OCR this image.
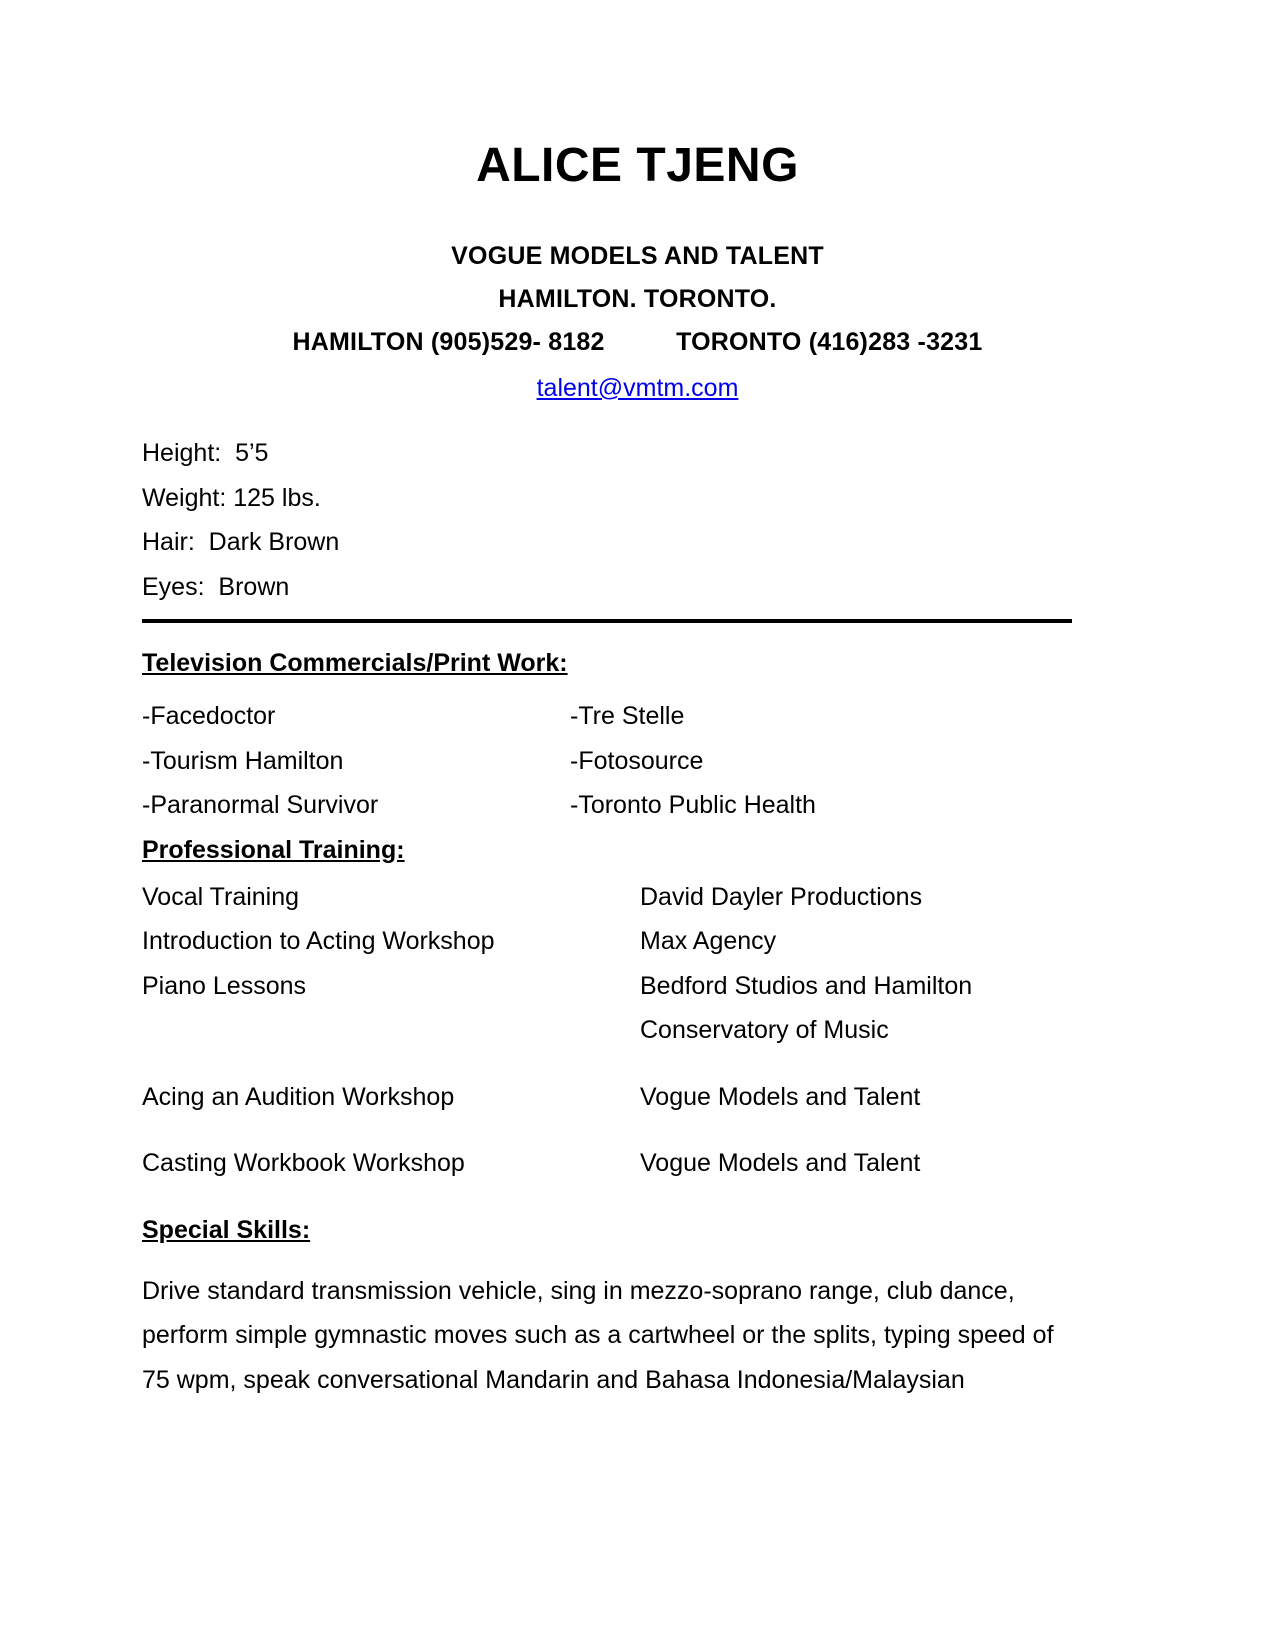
ALICE TJENG
VOGUE MODELS AND TALENT
HAMILTON. TORONTO.
HAMILTON (905)529- 8182          TORONTO (416)283 -3231
talent@vmtm.com
Height:  5’5
Weight: 125 lbs.
Hair:  Dark Brown
Eyes:  Brown
Television Commercials/Print Work:
-Facedoctor	-Tre Stelle
-Tourism Hamilton	-Fotosource
-Paranormal Survivor	-Toronto Public Health
Professional Training:
Vocal Training	David Dayler Productions
Introduction to Acting Workshop	Max Agency
Piano Lessons	Bedford Studios and Hamilton
Conservatory of Music
Acing an Audition Workshop	Vogue Models and Talent
Casting Workbook Workshop	Vogue Models and Talent
Special Skills:
Drive standard transmission vehicle, sing in mezzo-soprano range, club dance, perform simple gymnastic moves such as a cartwheel or the splits, typing speed of 75 wpm, speak conversational Mandarin and Bahasa Indonesia/Malaysian
